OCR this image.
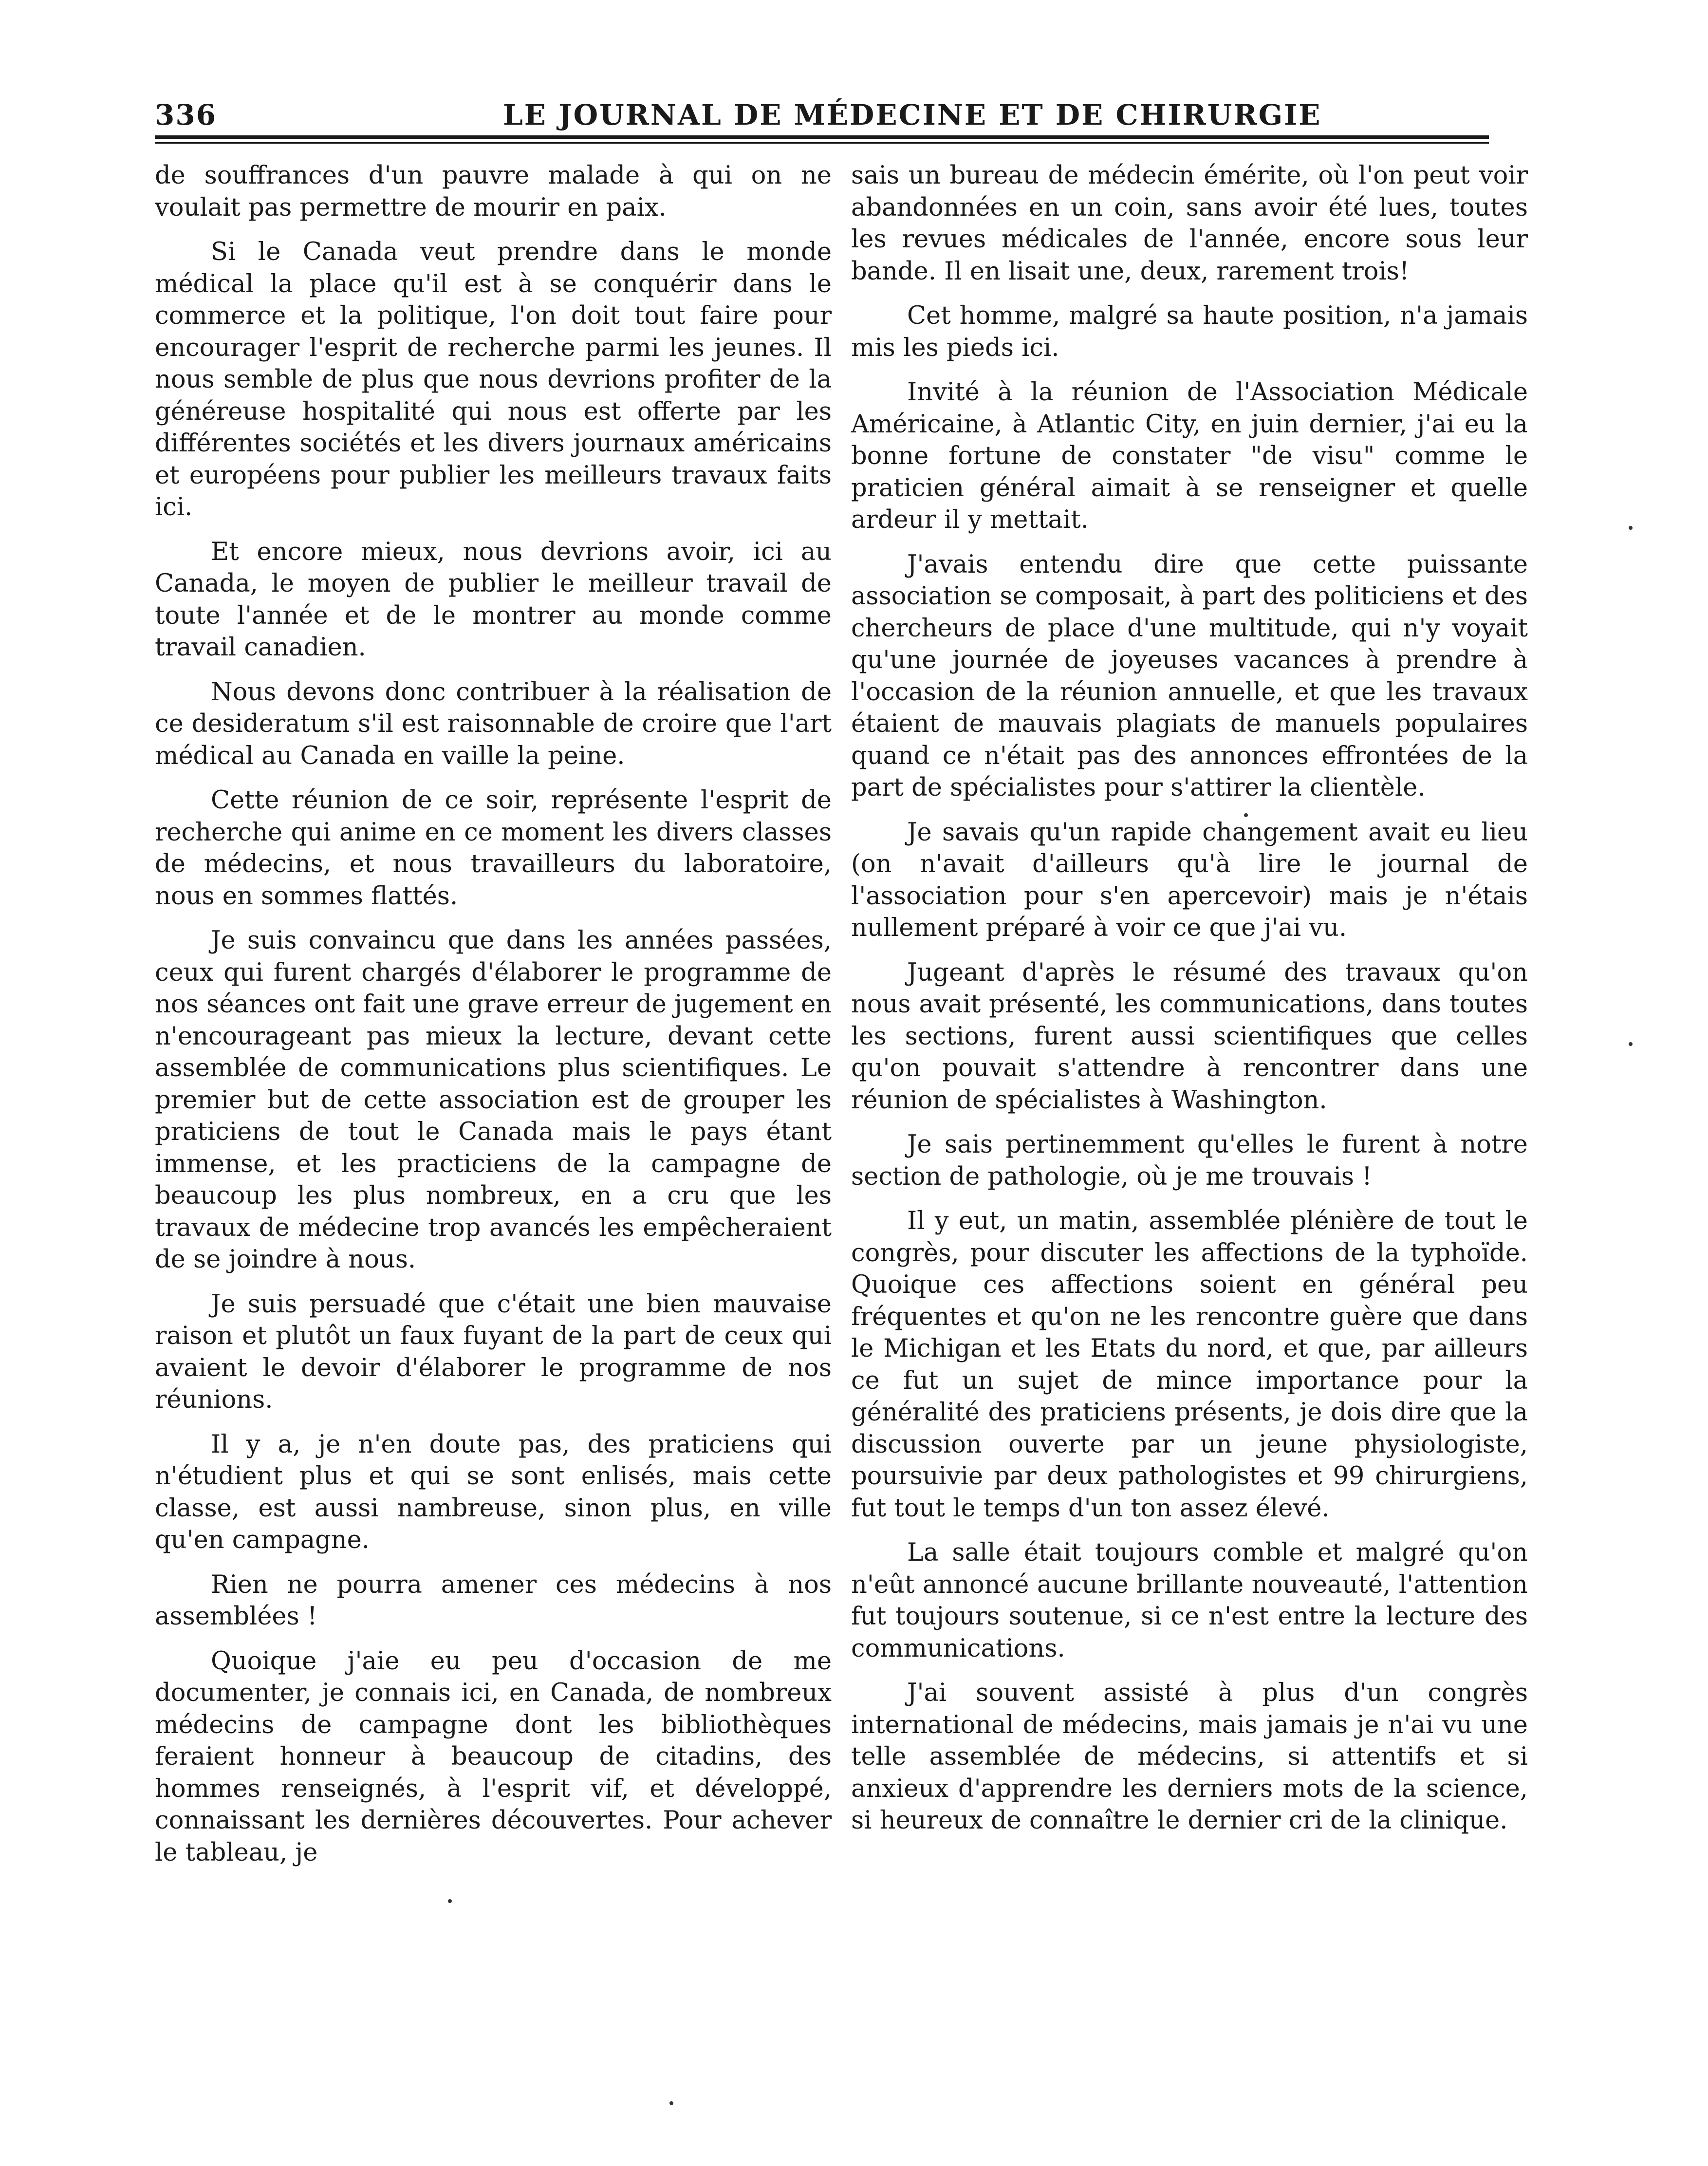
336	LE JOURNAL DE MÉDECINE ET DE CHIRURGIE

de souffrances d'un pauvre malade à qui on ne voulait pas permettre de mourir en paix.

Si le Canada veut prendre dans le monde médical la place qu'il est à se conquérir dans le commerce et la politique, l'on doit tout faire pour encourager l'esprit de recherche parmi les jeunes. Il nous semble de plus que nous devrions profiter de la généreuse hospitalité qui nous est offerte par les différentes sociétés et les divers journaux américains et européens pour publier les meilleurs travaux faits ici.

Et encore mieux, nous devrions avoir, ici au Canada, le moyen de publier le meilleur travail de toute l'année et de le montrer au monde comme travail canadien.

Nous devons donc contribuer à la réalisation de ce desideratum s'il est raisonnable de croire que l'art médical au Canada en vaille la peine.

Cette réunion de ce soir, représente l'esprit de recherche qui anime en ce moment les divers classes de médecins, et nous travailleurs du laboratoire, nous en sommes flattés.

Je suis convaincu que dans les années passées, ceux qui furent chargés d'élaborer le programme de nos séances ont fait une grave erreur de jugement en n'encourageant pas mieux la lecture, devant cette assemblée de communications plus scientifiques. Le premier but de cette association est de grouper les praticiens de tout le Canada mais le pays étant immense, et les practiciens de la campagne de beaucoup les plus nombreux, en a cru que les travaux de médecine trop avancés les empêcheraient de se joindre à nous.

Je suis persuadé que c'était une bien mauvaise raison et plutôt un faux fuyant de la part de ceux qui avaient le devoir d'élaborer le programme de nos réunions.

Il y a, je n'en doute pas, des praticiens qui n'étudient plus et qui se sont enlisés, mais cette classe, est aussi nambreuse, sinon plus, en ville qu'en campagne.

Rien ne pourra amener ces médecins à nos assemblées !

Quoique j'aie eu peu d'occasion de me documenter, je connais ici, en Canada, de nombreux médecins de campagne dont les bibliothèques feraient honneur à beaucoup de citadins, des hommes renseignés, à l'esprit vif, et développé, connaissant les dernières découvertes. Pour achever le tableau, je

sais un bureau de médecin émérite, où l'on peut voir abandonnées en un coin, sans avoir été lues, toutes les revues médicales de l'année, encore sous leur bande. Il en lisait une, deux, rarement trois!

Cet homme, malgré sa haute position, n'a jamais mis les pieds ici.

Invité à la réunion de l'Association Médicale Américaine, à Atlantic City, en juin dernier, j'ai eu la bonne fortune de constater "de visu" comme le praticien général aimait à se renseigner et quelle ardeur il y mettait.

J'avais entendu dire que cette puissante association se composait, à part des politiciens et des chercheurs de place d'une multitude, qui n'y voyait qu'une journée de joyeuses vacances à prendre à l'occasion de la réunion annuelle, et que les travaux étaient de mauvais plagiats de manuels populaires quand ce n'était pas des annonces effrontées de la part de spécialistes pour s'attirer la clientèle.

Je savais qu'un rapide changement avait eu lieu (on n'avait d'ailleurs qu'à lire le journal de l'association pour s'en apercevoir) mais je n'étais nullement préparé à voir ce que j'ai vu.

Jugeant d'après le résumé des travaux qu'on nous avait présenté, les communications, dans toutes les sections, furent aussi scientifiques que celles qu'on pouvait s'attendre à rencontrer dans une réunion de spécialistes à Washington.

Je sais pertinemment qu'elles le furent à notre section de pathologie, où je me trouvais !

Il y eut, un matin, assemblée plénière de tout le congrès, pour discuter les affections de la typhoïde. Quoique ces affections soient en général peu fréquentes et qu'on ne les rencontre guère que dans le Michigan et les Etats du nord, et que, par ailleurs ce fut un sujet de mince importance pour la généralité des praticiens présents, je dois dire que la discussion ouverte par un jeune physiologiste, poursuivie par deux pathologistes et 99 chirurgiens, fut tout le temps d'un ton assez élevé.

La salle était toujours comble et malgré qu'on n'eût annoncé aucune brillante nouveauté, l'attention fut toujours soutenue, si ce n'est entre la lecture des communications.

J'ai souvent assisté à plus d'un congrès international de médecins, mais jamais je n'ai vu une telle assemblée de médecins, si attentifs et si anxieux d'apprendre les derniers mots de la science, si heureux de connaître le dernier cri de la clinique.
